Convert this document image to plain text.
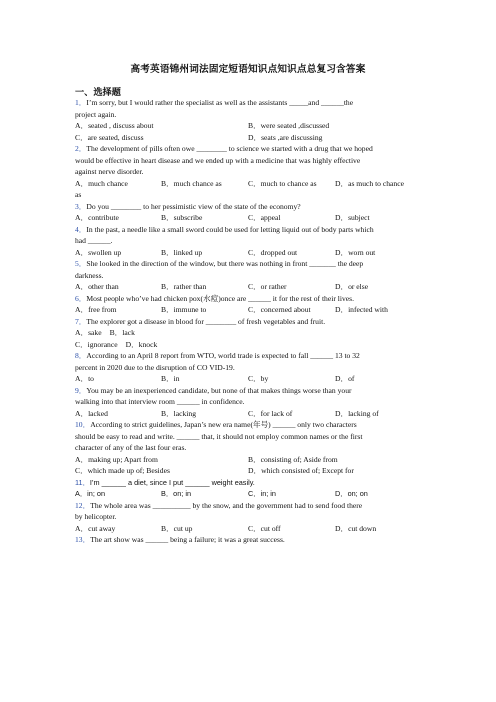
高考英语锦州词法固定短语知识点知识点总复习含答案
一、选择题
1．I’m sorry, but I would rather the specialist as well as the assistants _____and ______the
project again.
A．seated , discuss about	B．were seated ,discussed
C．are seated, discuss	D．seats ,are discussing
2．The development of pills often owe ________ to science we started with a drug that we hoped
would be effective in heart disease and we ended up with a medicine that was highly effective
against nerve disorder.
A．much chance	B．much chance as	C．much to chance as D．as much to chance
as
3．Do you ________ to her pessimistic view of the state of the economy?
A．contribute	B．subscribe	C．appeal	D．subject
4．In the past, a needle like a small sword could be used for letting liquid out of body parts which
had ______.
A．swollen up	B．linked up	C．dropped out	D．worn out
5．She looked in the direction of the window, but there was nothing in front _______ the deep
darkness.
A．other than	B．rather than	C．or rather	D．or else
6．Most people who’ve had chicken pox(水痘)once are ______ it for the rest of their lives.
A．free from	B．immune to	C．concerned about	D．infected with
7．The explorer got a disease in blood for ________ of fresh vegetables and fruit.
A．sake B．lack
C．ignorance D．knock
8．According to an April 8 report from WTO, world trade is expected to fall ______ 13 to 32
percent in 2020 due to the disruption of CO VID-19.
A．to	B．in	C．by	D．of
9．You may be an inexperienced candidate, but none of that makes things worse than your
walking into that interview room ______ in confidence.
A．lacked	B．lacking	C．for lack of	D．lacking of
10．According to strict guidelines, Japan’s new era name(年号) ______ only two characters
should be easy to read and write. ______ that, it should not employ common names or the first
character of any of the last four eras.
A．making up; Apart from	B．consisting of; Aside from
C．which made up of; Besides	D．which consisted of; Except for
11．I’m ______ a diet, since I put ______ weight easily.
A．in; on	B．on; in	C．in; in	D．on; on
12．The whole area was __________ by the snow, and the government had to send food there
by helicopter.
A．cut away	B．cut up	C．cut off	D．cut down
13．The art show was ______ being a failure; it was a great success.
